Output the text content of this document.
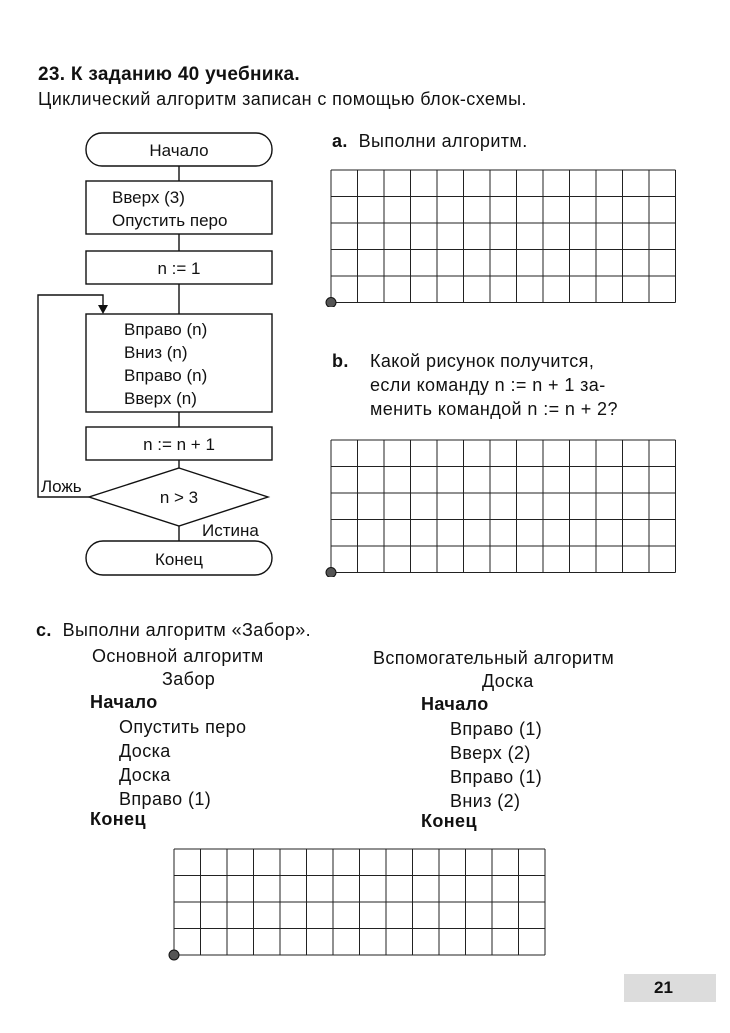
23. К заданию 40 учебника.
Циклический алгоритм записан с помощью блок-схемы.
Начало
Вверх (3)
Опустить перо
n := 1
Вправо (n)
Вниз (n)
Вправо (n)
Вверх (n)
n := n + 1
n > 3
Ложь
Истина
Конец
a. Выполни алгоритм.
b. Какой рисунок получится,
если команду n := n + 1 за-
менить командой n := n + 2?
c. Выполни алгоритм «Забор».
Основной алгоритм
Забор
Начало
Опустить перо
Доска
Доска
Вправо (1)
Конец
Вспомогательный алгоритм
Доска
Начало
Вправо (1)
Вверх (2)
Вправо (1)
Вниз (2)
Конец
21
